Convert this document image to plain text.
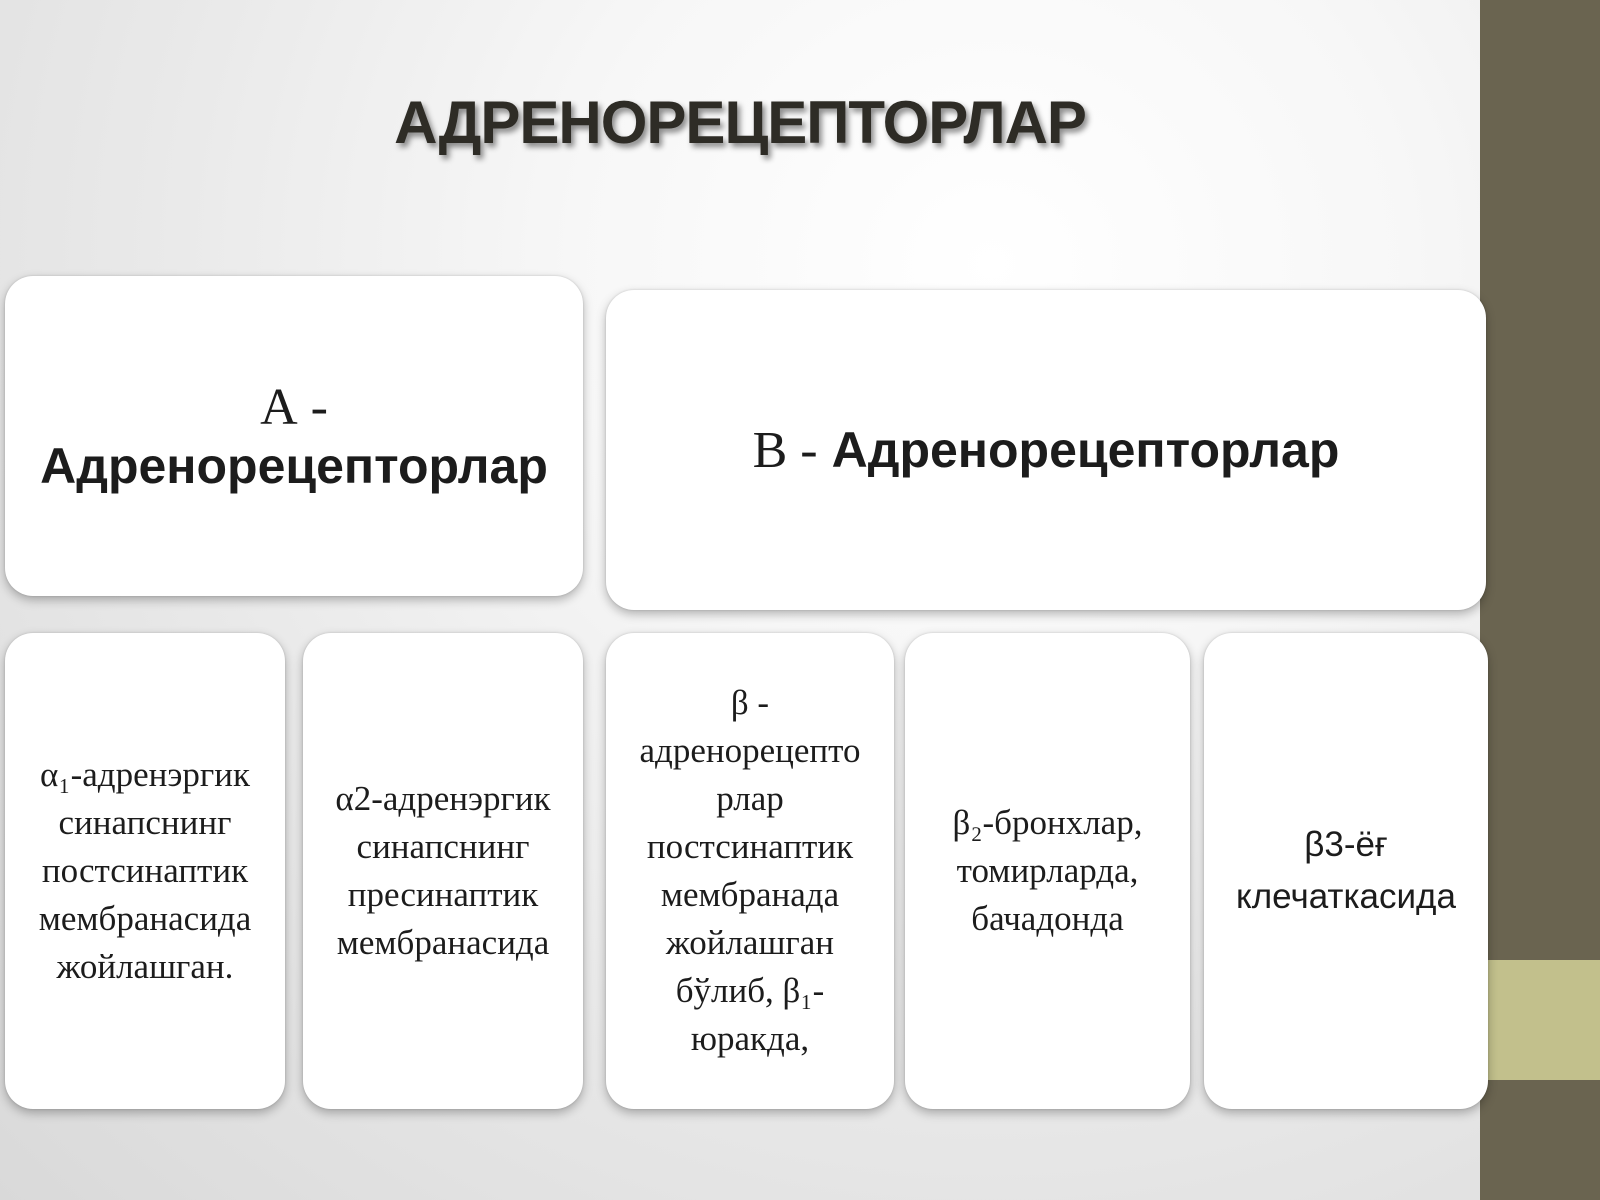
АДРЕНОРЕЦЕПТОРЛАР
А -
Адренорецепторлар	В - Адренорецепторлар
α₁-адренэргик
синапснинг
постсинаптик
мембранасида
жойлашган.
α2-адренэргик
синапснинг
пресинаптик
мембранасида
β -
адренорецепто
рлар
постсинаптик
мембранада
жойлашган
бўлиб, β₁-
юракда,
β₂-бронхлар,
томирларда,
бачадонда
β3-ёғ
клечаткасида
